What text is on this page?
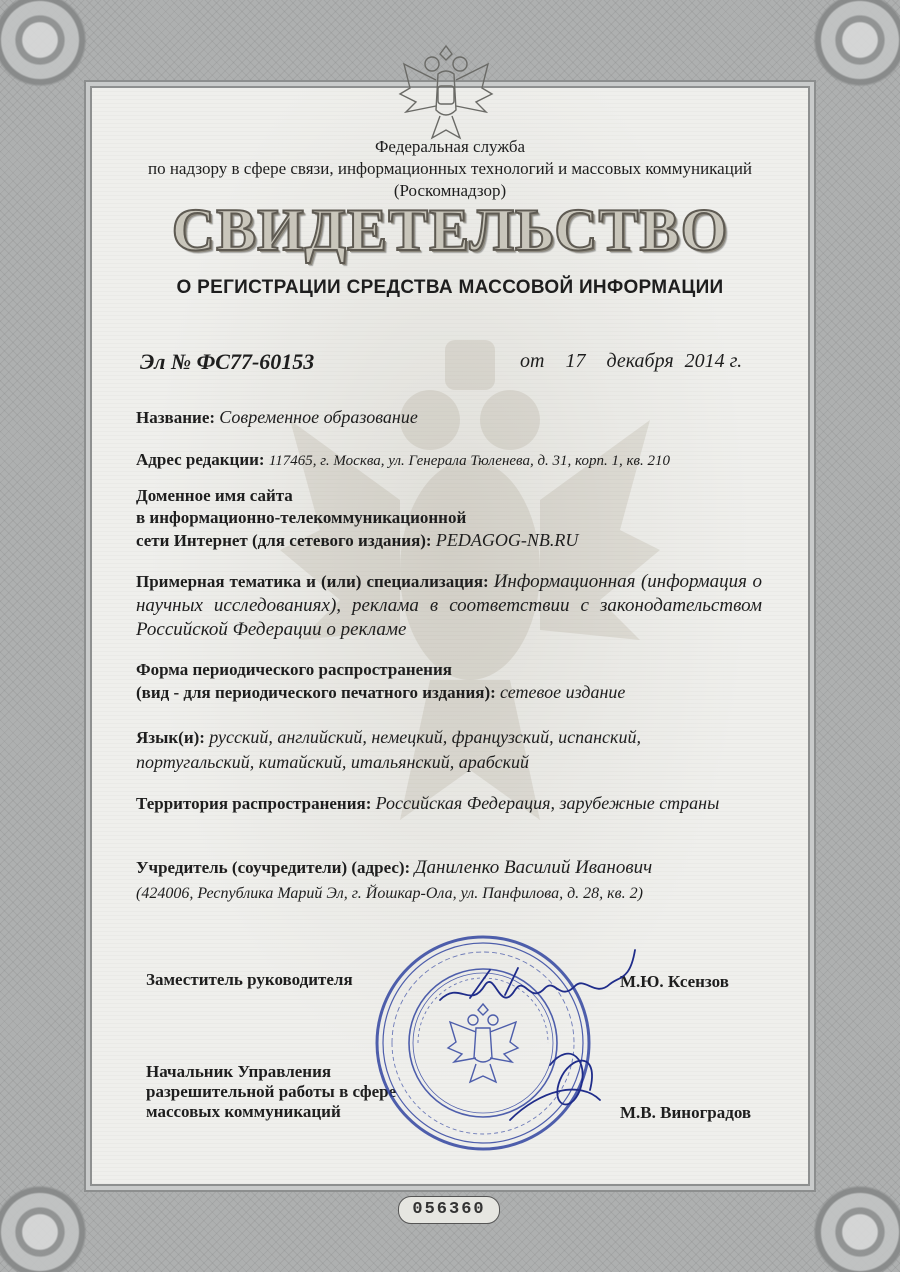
Федеральная служба
по надзору в сфере связи, информационных технологий и массовых коммуникаций
(Роскомнадзор)
СВИДЕТЕЛЬСТВО
О РЕГИСТРАЦИИ СРЕДСТВА МАССОВОЙ ИНФОРМАЦИИ
Эл № ФС77-60153	от 17 декабря 2014 г.
Название: Современное образование
Адрес редакции: 117465, г. Москва, ул. Генерала Тюленева, д. 31, корп. 1, кв. 210
Доменное имя сайта
в информационно-телекоммуникационной
сети Интернет (для сетевого издания): PEDAGOG-NB.RU
Примерная тематика и (или) специализация: Информационная (информация о научных исследованиях), реклама в соответствии с законодательством Российской Федерации о рекламе
Форма периодического распространения
(вид - для периодического печатного издания): сетевое издание
Язык(и): русский, английский, немецкий, французский, испанский, португальский, китайский, итальянский, арабский
Территория распространения: Российская Федерация, зарубежные страны
Учредитель (соучредители) (адрес): Даниленко Василий Иванович
(424006, Республика Марий Эл, г. Йошкар-Ола, ул. Панфилова, д. 28, кв. 2)
Заместитель руководителя	М.Ю. Ксензов
Начальник Управления
разрешительной работы в сфере
массовых коммуникаций	М.В. Виноградов
056360
